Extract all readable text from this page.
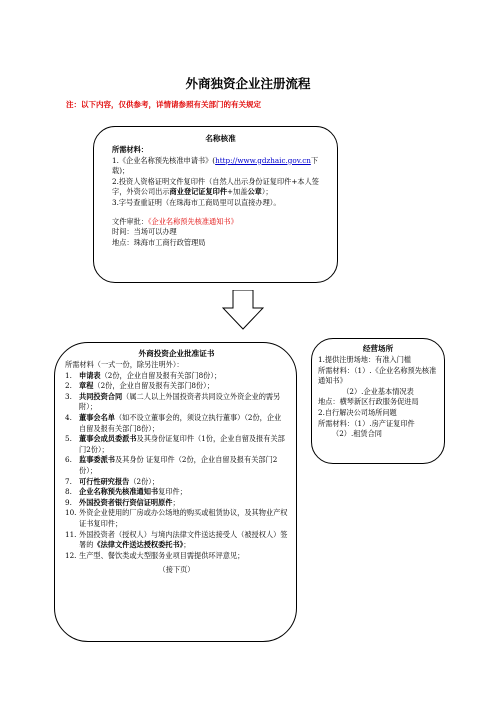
外商独资企业注册流程
注：以下内容，仅供参考，详情请参照有关部门的有关规定
名称核准

所需材料：

1.《企业名称预先核准申请书》(http://www.gdzhaic.gov.cn下载)；

2.投资人资格证明文件复印件（自然人出示身份证复印件+本人签字，外资公司出示商业登记证复印件+加盖公章）；

3.字号查重证明（在珠海市工商局里可以直接办理）。

文件审批：《企业名称预先核准通知书》

时间：当场可以办理

地点：珠海市工商行政管理局

外商投资企业批准证书

所需材料（一式一份，除另注明外）：

1. 申请表（2份，企业自留及报有关部门8份）；
2. 章程（2份，企业自留及报有关部门8份）；
3. 共同投资合同（属二人以上外国投资者共同设立外资企业的需另附）；
4. 董事会名单（如不设立董事会的，须设立执行董事）（2份，企业自留及报有关部门8份）；
5. 董事会成员委派书及其身份证复印件（1份，企业自留及报有关部门2份）；
6. 监事委派书及其身份 证复印件（2份，企业自留及报有关部门2份）；
7. 可行性研究报告（2份）；
8. 企业名称预先核准通知书复印件；
9. 外国投资者银行资信证明原件；
10. 外资企业使用的厂房或办公场地的购买或租赁协议，及其物业产权证书复印件；
11. 外国投资者（授权人）与境内法律文件送达接受人（被授权人）签署的《法律文件送达授权委托书》；
12. 生产型、餐饮类或大型服务业项目需提供环评意见；

（接下页）

经营场所

1.提供注册场地：有准入门槛

所需材料：（1）.《企业名称预先核准通知书》

（2）.企业基本情况表

地点：横琴新区行政服务促进局

2.自行解决公司场所问题

所需材料：（1）.房产证复印件

（2）.租赁合同
